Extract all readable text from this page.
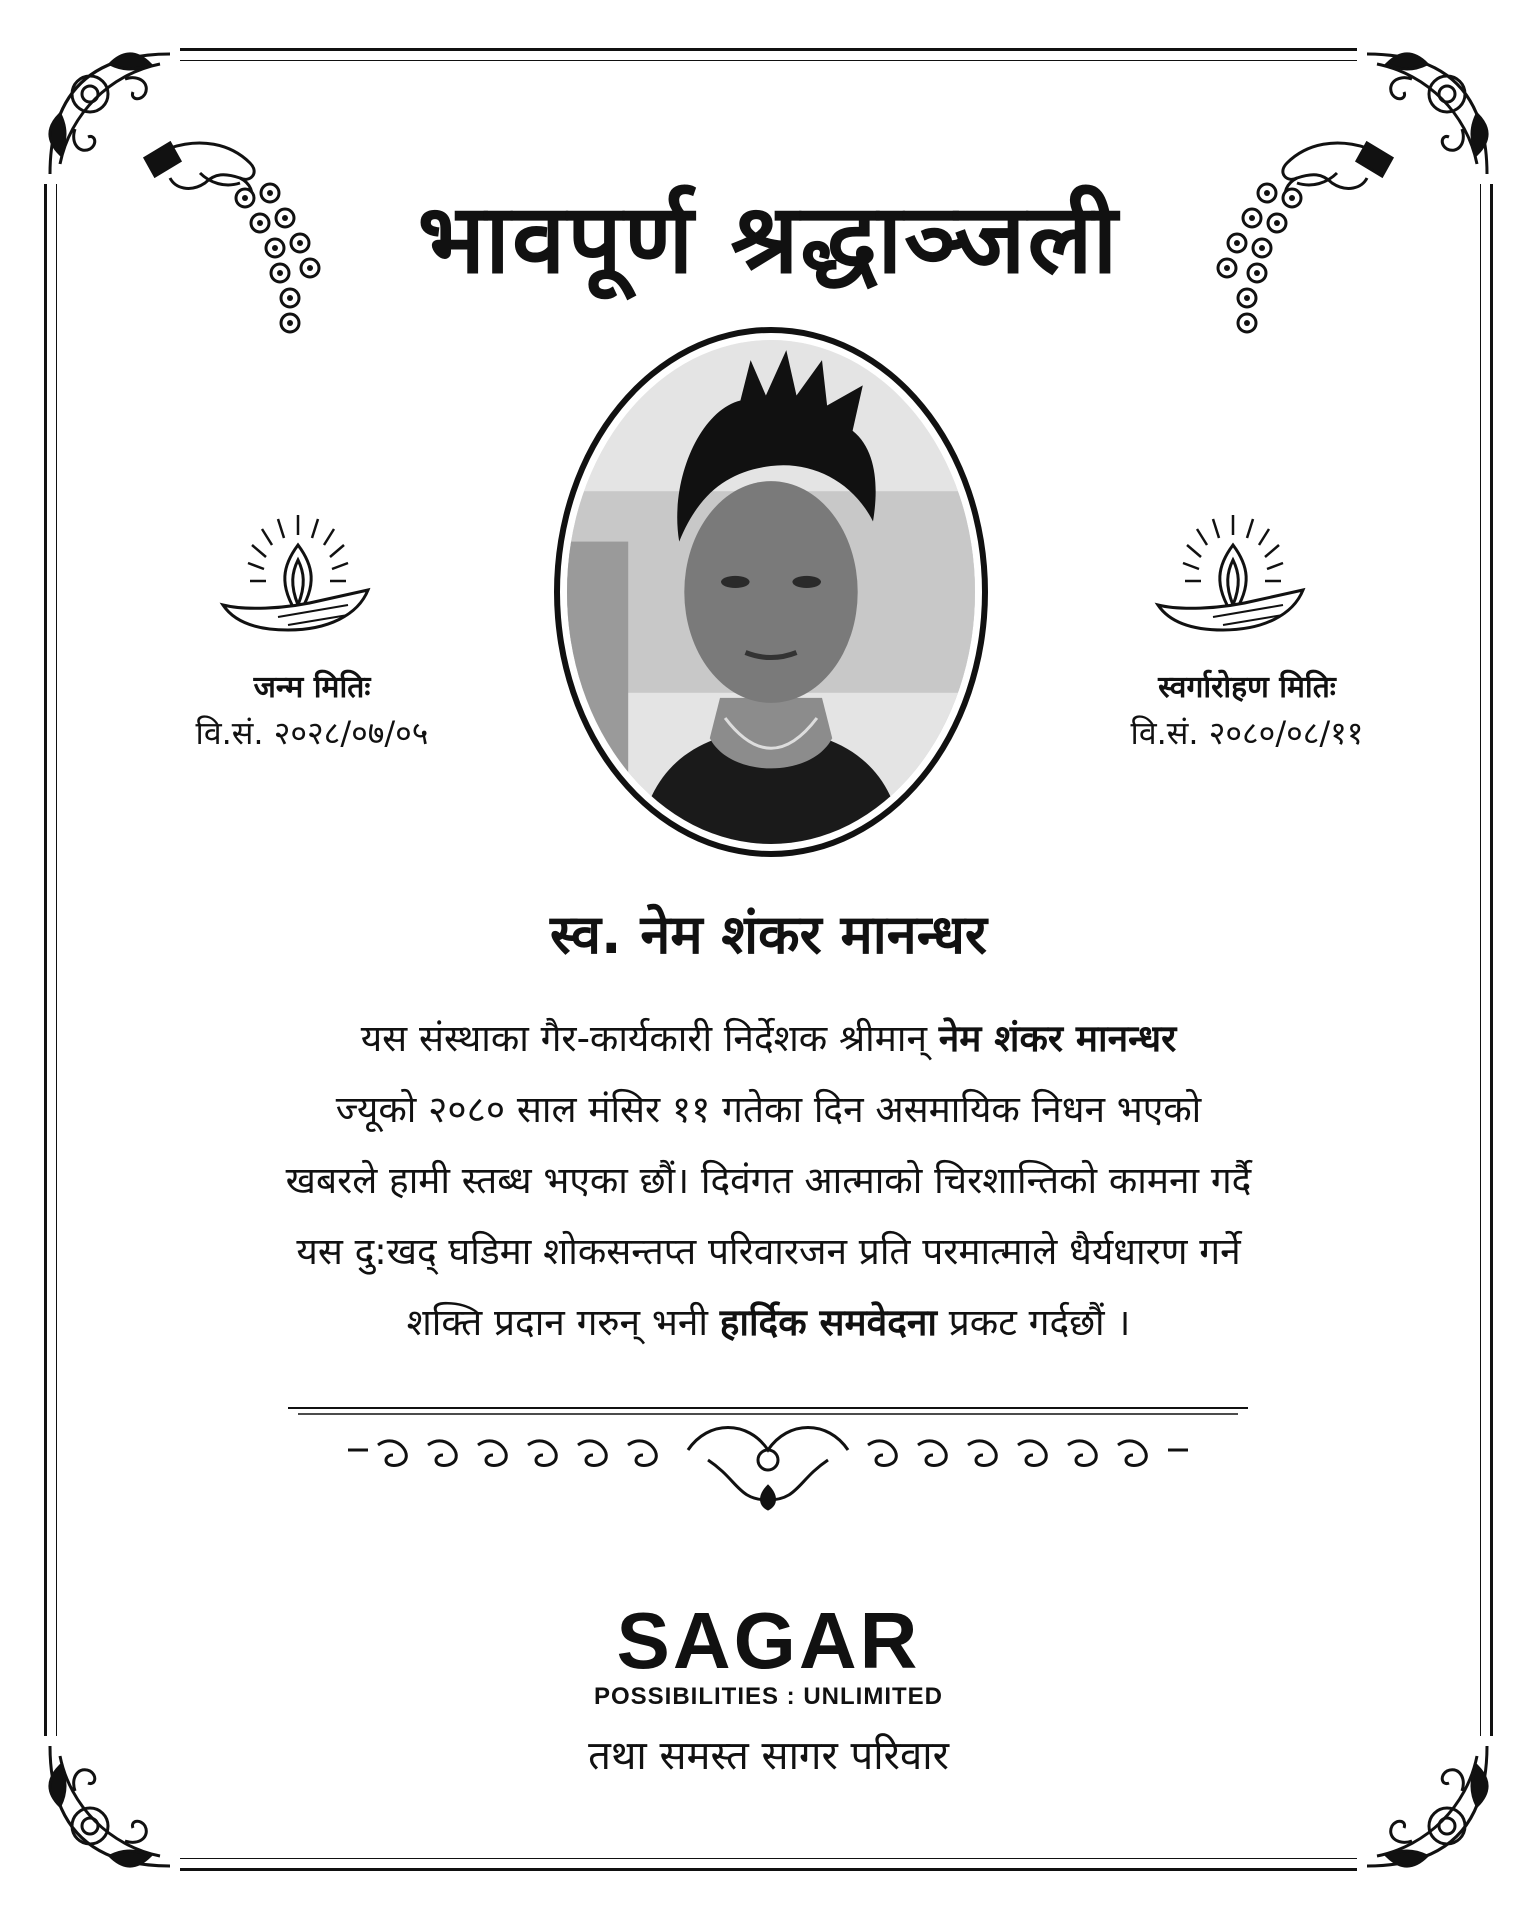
भावपूर्ण श्रद्धाञ्जली
जन्म मितिः
वि.सं. २०२८/०७/०५
स्वर्गारोहण मितिः
वि.सं. २०८०/०८/११
स्व. नेम शंकर मानन्धर
यस संस्थाका गैर-कार्यकारी निर्देशक श्रीमान् नेम शंकर मानन्धर
ज्यूको २०८० साल मंसिर ११ गतेका दिन असमायिक निधन भएको
खबरले हामी स्तब्ध भएका छौं। दिवंगत आत्माको चिरशान्तिको कामना गर्दै
यस दु:खद् घडिमा शोकसन्तप्त परिवारजन प्रति परमात्माले धैर्यधारण गर्ने
शक्ति प्रदान गरुन् भनी हार्दिक समवेदना प्रकट गर्दछौं ।
SAGAR
POSSIBILITIES : UNLIMITED
तथा समस्त सागर परिवार
